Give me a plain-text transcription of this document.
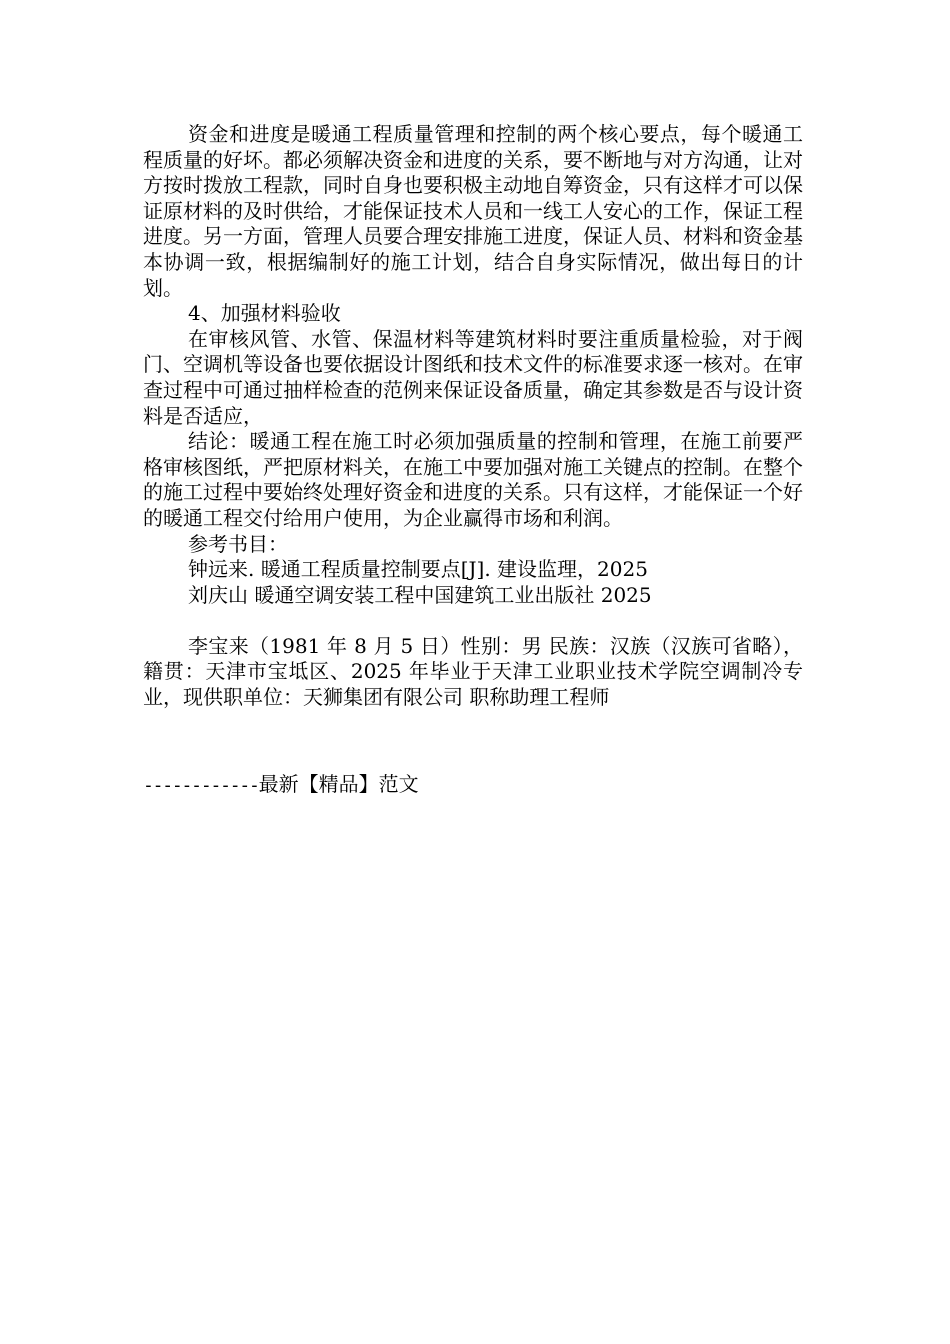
资金和进度是暖通工程质量管理和控制的两个核心要点，每个暖通工程质量的好坏。都必须解决资金和进度的关系，要不断地与对方沟通，让对方按时拨放工程款，同时自身也要积极主动地自筹资金，只有这样才可以保证原材料的及时供给，才能保证技术人员和一线工人安心的工作，保证工程进度。另一方面，管理人员要合理安排施工进度，保证人员、材料和资金基本协调一致，根据编制好的施工计划，结合自身实际情况，做出每日的计划。

4、加强材料验收

在审核风管、水管、保温材料等建筑材料时要注重质量检验，对于阀门、空调机等设备也要依据设计图纸和技术文件的标准要求逐一核对。在审查过程中可通过抽样检查的范例来保证设备质量，确定其参数是否与设计资料是否适应，

结论：暖通工程在施工时必须加强质量的控制和管理，在施工前要严格审核图纸，严把原材料关，在施工中要加强对施工关键点的控制。在整个的施工过程中要始终处理好资金和进度的关系。只有这样，才能保证一个好的暖通工程交付给用户使用，为企业赢得市场和利润。

参考书目：

钟远来. 暖通工程质量控制要点[J]. 建设监理，2025

刘庆山 暖通空调安装工程中国建筑工业出版社 2025

李宝来（1981 年 8 月 5 日）性别：男 民族：汉族（汉族可省略），籍贯：天津市宝坻区、2025 年毕业于天津工业职业技术学院空调制冷专业，现供职单位：天狮集团有限公司 职称助理工程师

------------最新【精品】范文
